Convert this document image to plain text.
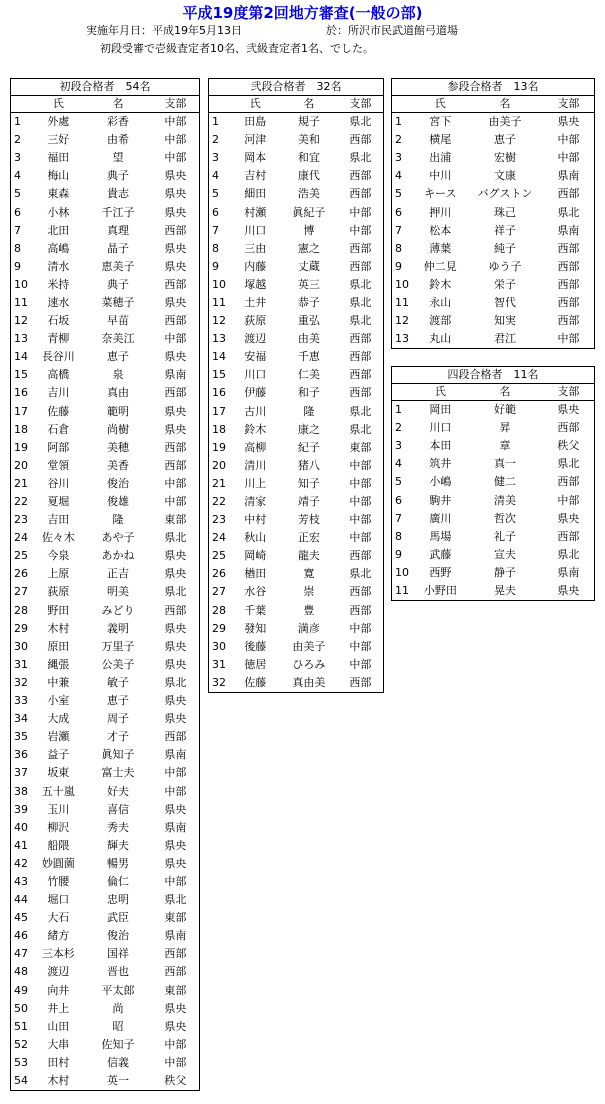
平成19度第2回地方審査(一般の部)
実施年月日：平成19年5月13日	於：所沢市民武道館弓道場
初段受審で壱級査定者10名、弐級査定者1名、でした。
初段合格者　54名			
	氏	名	支部
1	外處	彩香	中部
2	三好	由希	中部
3	福田	望	中部
4	梅山	典子	県央
5	東森	貴志	県央
6	小林	千江子	県央
7	北田	真理	西部
8	高嶋	晶子	県央
9	清水	恵美子	県央
10	米持	典子	西部
11	速水	菜穂子	県央
12	石坂	早苗	西部
13	青柳	奈美江	中部
14	長谷川	恵子	県央
15	高橋	泉	県南
16	吉川	真由	西部
17	佐藤	範明	県央
18	石倉	尚樹	県央
19	阿部	美穂	西部
20	堂領	美香	西部
21	谷川	俊治	中部
22	夏堀	俊雄	中部
23	吉田	隆	東部
24	佐々木	あや子	県北
25	今泉	あかね	県央
26	上原	正吉	県央
27	荻原	明美	県北
28	野田	みどり	西部
29	木村	義明	県央
30	原田	万里子	県央
31	縄張	公美子	県央
32	中兼	敏子	県北
33	小室	恵子	県央
34	大成	周子	県央
35	岩瀬	才子	西部
36	益子	眞知子	県南
37	坂東	富士夫	中部
38	五十嵐	好夫	中部
39	玉川	喜信	県央
40	柳沢	秀夫	県南
41	船隈	輝夫	県央
42	妙圓薗	暢男	県央
43	竹腰	倫仁	中部
44	堀口	忠明	県北
45	大石	武臣	東部
46	緒方	俊治	県南
47	三本杉	国祥	西部
48	渡辺	晋也	西部
49	向井	平太郎	東部
50	井上	尚	県央
51	山田	昭	県央
52	大串	佐知子	中部
53	田村	信義	中部
54	木村	英一	秩父
弐段合格者　32名			
	氏	名	支部
1	田島	規子	県北
2	河津	美和	西部
3	岡本	和宜	県北
4	吉村	康代	西部
5	細田	浩美	西部
6	村瀬	眞紀子	中部
7	川口	博	中部
8	三由	憲之	西部
9	内藤	丈蔵	西部
10	塚越	英三	県北
11	土井	恭子	県北
12	荻原	重弘	県北
13	渡辺	由美	西部
14	安福	千恵	西部
15	川口	仁美	西部
16	伊藤	和子	西部
17	古川	隆	県北
18	鈴木	康之	県北
19	高柳	紀子	東部
20	清川	猪八	中部
21	川上	知子	中部
22	清家	靖子	中部
23	中村	芳枝	中部
24	秋山	正宏	中部
25	岡崎	龍夫	西部
26	楢田	寛	県北
27	水谷	崇	西部
28	千葉	豊	西部
29	發知	満彦	中部
30	後藤	由美子	中部
31	徳居	ひろみ	中部
32	佐藤	真由美	西部
参段合格者　13名			
	氏	名	支部
1	宮下	由美子	県央
2	横尾	恵子	中部
3	出浦	宏樹	中部
4	中川	文康	県南
5	キース	バグストン	西部
6	押川	珠己	県北
7	松本	祥子	県南
8	薄葉	純子	西部
9	仲二見	ゆう子	西部
10	鈴木	栄子	西部
11	永山	智代	西部
12	渡部	知実	西部
13	丸山	君江	中部
四段合格者　11名			
	氏	名	支部
1	岡田	好範	県央
2	川口	昇	西部
3	本田	章	秩父
4	筑井	真一	県北
5	小嶋	健二	西部
6	駒井	清美	中部
7	廣川	哲次	県央
8	馬場	礼子	西部
9	武藤	宣夫	県北
10	西野	静子	県南
11	小野田	晃夫	県央
